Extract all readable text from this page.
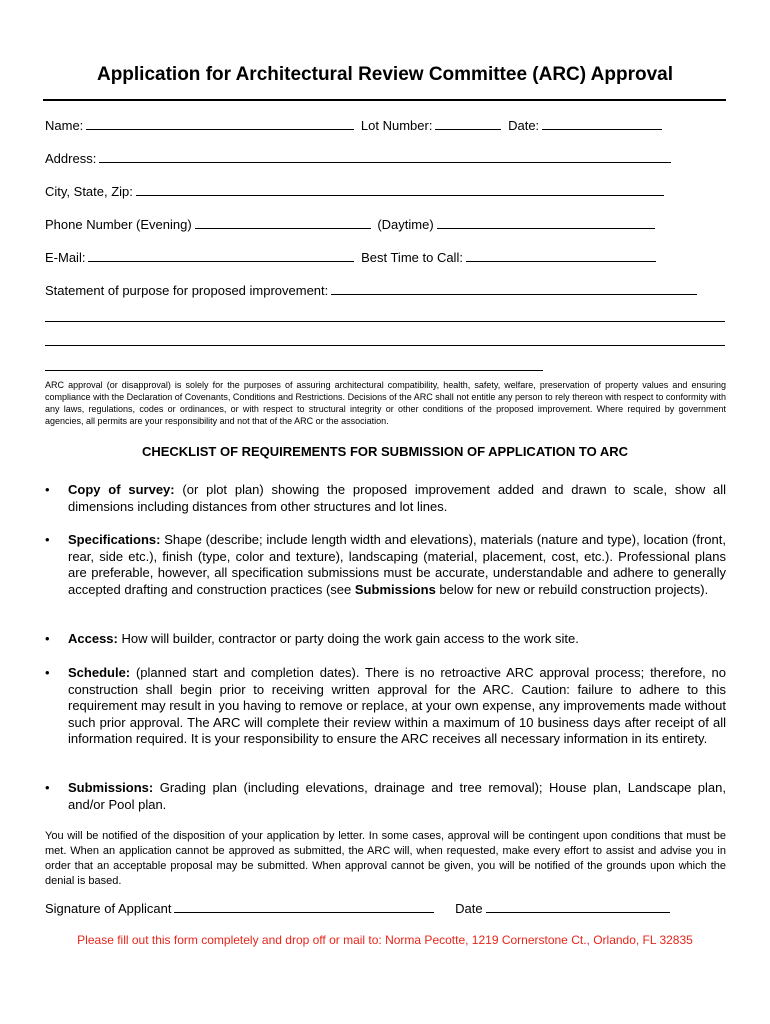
Application for Architectural Review Committee (ARC) Approval
Name:	Lot Number:	Date:
Address:
City, State, Zip:
Phone Number (Evening)	(Daytime)
E-Mail:	Best Time to Call:
Statement of purpose for proposed improvement:

ARC approval (or disapproval) is solely for the purposes of assuring architectural compatibility, health, safety, welfare, preservation of property values and ensuring compliance with the Declaration of Covenants, Conditions and Restrictions. Decisions of the ARC shall not entitle any person to rely thereon with respect to conformity with any laws, regulations, codes or ordinances, or with respect to structural integrity or other conditions of the proposed improvement. Where required by government agencies, all permits are your responsibility and not that of the ARC or the association.

CHECKLIST OF REQUIREMENTS FOR SUBMISSION OF APPLICATION TO ARC
•	Copy of survey: (or plot plan) showing the proposed improvement added and drawn to scale, show all dimensions including distances from other structures and lot lines.
•	Specifications: Shape (describe; include length width and elevations), materials (nature and type), location (front, rear, side etc.), finish (type, color and texture), landscaping (material, placement, cost, etc.). Professional plans are preferable, however, all specification submissions must be accurate, understandable and adhere to generally accepted drafting and construction practices (see Submissions below for new or rebuild construction projects).
•	Access: How will builder, contractor or party doing the work gain access to the work site.
•	Schedule: (planned start and completion dates). There is no retroactive ARC approval process; therefore, no construction shall begin prior to receiving written approval for the ARC. Caution: failure to adhere to this requirement may result in you having to remove or replace, at your own expense, any improvements made without such prior approval. The ARC will complete their review within a maximum of 10 business days after receipt of all information required. It is your responsibility to ensure the ARC receives all necessary information in its entirety.
•	Submissions: Grading plan (including elevations, drainage and tree removal); House plan, Landscape plan, and/or Pool plan.
You will be notified of the disposition of your application by letter. In some cases, approval will be contingent upon conditions that must be met. When an application cannot be approved as submitted, the ARC will, when requested, make every effort to assist and advise you in order that an acceptable proposal may be submitted. When approval cannot be given, you will be notified of the grounds upon which the denial is based.
Signature of Applicant	Date
Please fill out this form completely and drop off or mail to: Norma Pecotte, 1219 Cornerstone Ct., Orlando, FL 32835
